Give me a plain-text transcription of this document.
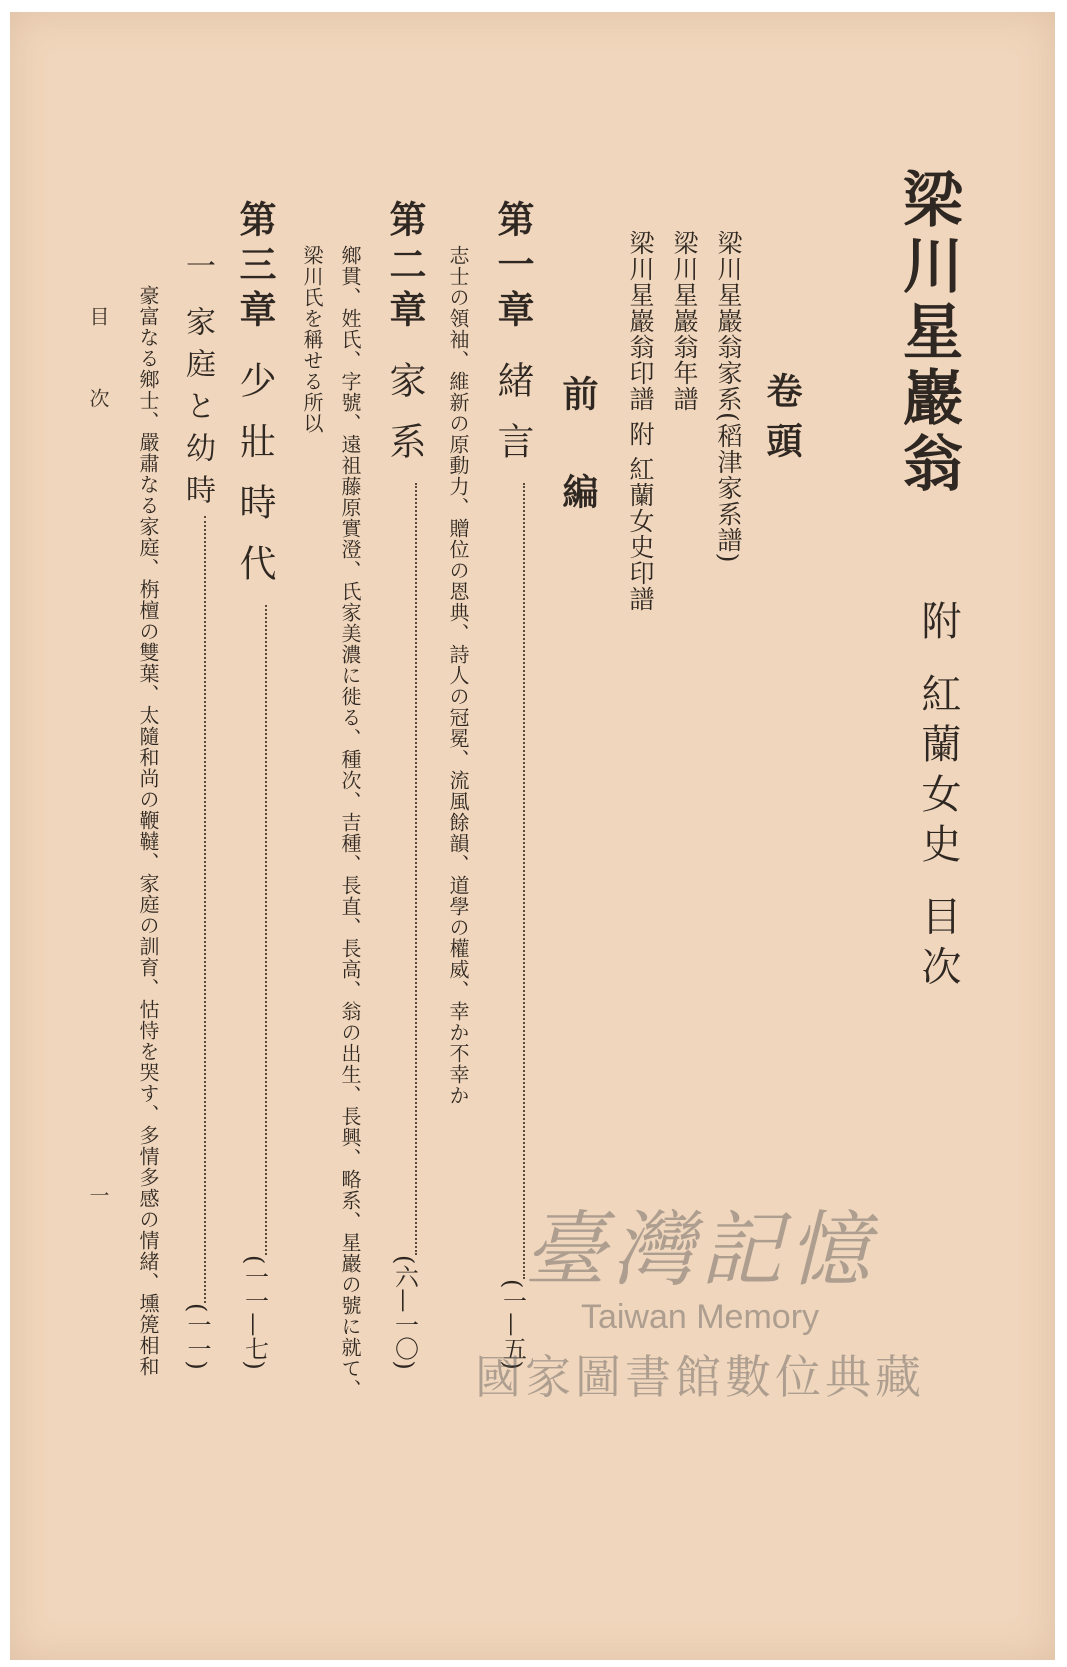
梁川星巖翁
附 紅蘭女史 目次
卷頭
梁川星巖翁家系(稻津家系譜)
梁川星巖翁年譜
梁川星巖翁印譜 附 紅蘭女史印譜
前編
第一章
緒言
(一—五)
志士の領袖、維新の原動力、贈位の恩典、詩人の冠冕、流風餘韻、道學の權威、幸か不幸か
第二章
家系
(六—一〇)
鄉貫、姓氏、字號、遠祖藤原實澄、氏家美濃に徙る、種次、吉種、長直、長高、翁の出生、長興、略系、星巖の號に就て、
梁川氏を稱せる所以
第三章
少壯時代
(一一—七)
一
家庭と幼時
(一一)
豪富なる鄉士、嚴肅なる家庭、栴檀の雙葉、太隨和尚の鞭韃、家庭の訓育、怙恃を哭す、多情多感の情緒、壎箎相和
目次
一
臺灣記憶
Taiwan Memory
國家圖書館數位典藏
